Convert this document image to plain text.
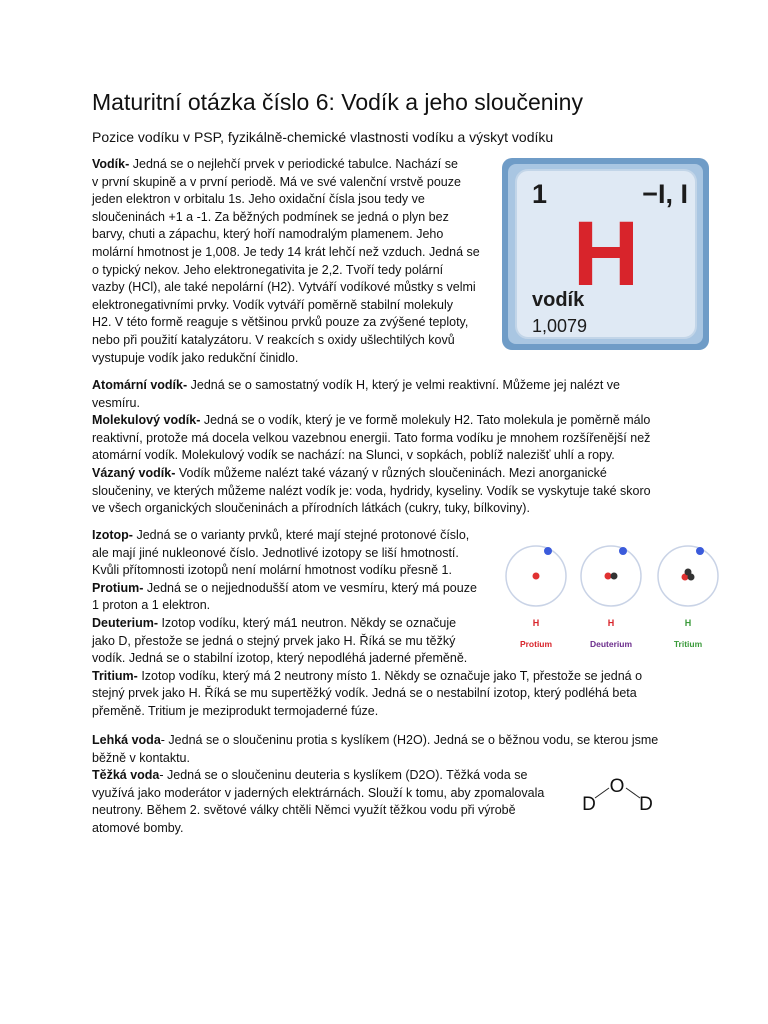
Maturitní otázka číslo 6: Vodík a jeho sloučeniny
Pozice vodíku v PSP, fyzikálně-chemické vlastnosti vodíku a výskyt vodíku
Vodík- Jedná se o nejlehčí prvek v periodické tabulce. Nachází se
v první skupině a v první periodě. Má ve své valenční vrstvě pouze
jeden elektron v orbitalu 1s. Jeho oxidační čísla jsou tedy ve
sloučeninách +1 a -1. Za běžných podmínek se jedná o plyn bez
barvy, chuti a zápachu, který hoří namodralým plamenem. Jeho
molární hmotnost je 1,008. Je tedy 14 krát lehčí než vzduch. Jedná se
o typický nekov. Jeho elektronegativita je 2,2. Tvoří tedy polární
vazby (HCl), ale také nepolární (H2). Vytváří vodíkové můstky s velmi
elektronegativními prvky. Vodík vytváří poměrně stabilní molekuly
H2. V této formě reaguje s většinou prvků pouze za zvýšené teploty,
nebo při použití katalyzátoru. V reakcích s oxidy ušlechtilých kovů
vystupuje vodík jako redukční činidlo.
1	−I, I
H
vodík
1,0079
Atomární vodík- Jedná se o samostatný vodík H, který je velmi reaktivní. Můžeme jej nalézt ve
vesmíru.
Molekulový vodík- Jedná se o vodík, který je ve formě molekuly H2. Tato molekula je poměrně málo
reaktivní, protože má docela velkou vazebnou energii. Tato forma vodíku je mnohem rozšířenější než
atomární vodík. Molekulový vodík se nachází: na Slunci, v sopkách, poblíž nalezišť uhlí a ropy.
Vázaný vodík- Vodík můžeme nalézt také vázaný v různých sloučeninách. Mezi anorganické
sloučeniny, ve kterých můžeme nalézt vodík je: voda, hydridy, kyseliny. Vodík se vyskytuje také skoro
ve všech organických sloučeninách a přírodních látkách (cukry, tuky, bílkoviny).
Izotop- Jedná se o varianty prvků, které mají stejné protonové číslo,
ale mají jiné nukleonové číslo. Jednotlivé izotopy se liší hmotností.
Kvůli přítomnosti izotopů není molární hmotnost vodíku přesně 1.
Protium- Jedná se o nejjednodušší atom ve vesmíru, který má pouze
1 proton a 1 elektron.
Deuterium- Izotop vodíku, který má1 neutron. Někdy se označuje
jako D, přestože se jedná o stejný prvek jako H. Říká se mu těžký
vodík. Jedná se o stabilní izotop, který nepodléhá jaderné přeměně.
Tritium- Izotop vodíku, který má 2 neutrony místo 1. Někdy se označuje jako T, přestože se jedná o
stejný prvek jako H. Říká se mu supertěžký vodík. Jedná se o nestabilní izotop, který podléhá beta
přeměně. Tritium je meziprodukt termojaderné fúze.
H	H	H
Protium	Deuterium	Tritium
Lehká voda- Jedná se o sloučeninu protia s kyslíkem (H2O). Jedná se o běžnou vodu, se kterou jsme
běžně v kontaktu.
Těžká voda- Jedná se o sloučeninu deuteria s kyslíkem (D2O). Těžká voda se
využívá jako moderátor v jaderných elektrárnách. Slouží k tomu, aby zpomalovala
neutrony. Během 2. světové války chtěli Němci využít těžkou vodu při výrobě
atomové bomby.
O
D D
